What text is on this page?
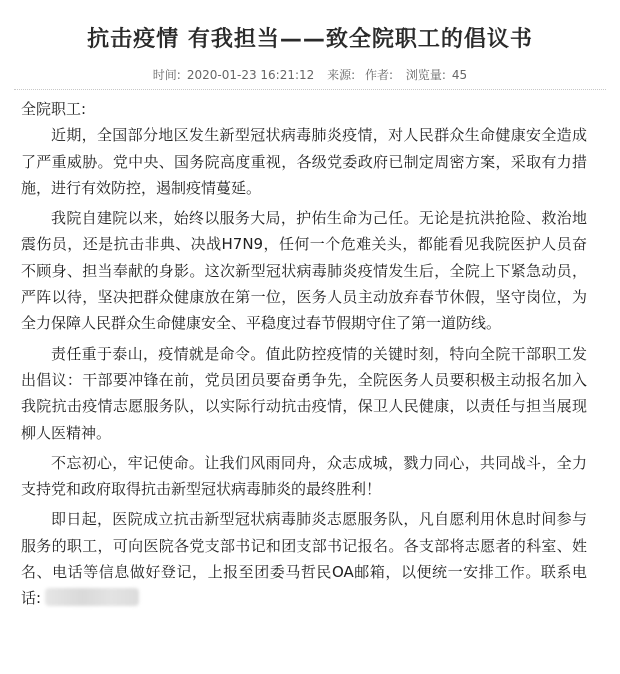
抗击疫情 有我担当——致全院职工的倡议书
时间: 2020-01-23 16:21:12 来源: 作者: 浏览量: 45

全院职工:

近期，全国部分地区发生新型冠状病毒肺炎疫情，对人民群众生命健康安全造成了严重威胁。党中央、国务院高度重视，各级党委政府已制定周密方案，采取有力措施，进行有效防控，遏制疫情蔓延。

我院自建院以来，始终以服务大局，护佑生命为己任。无论是抗洪抢险、救治地震伤员，还是抗击非典、决战H7N9，任何一个危难关头，都能看见我院医护人员奋不顾身、担当奉献的身影。这次新型冠状病毒肺炎疫情发生后，全院上下紧急动员，严阵以待，坚决把群众健康放在第一位，医务人员主动放弃春节休假，坚守岗位，为全力保障人民群众生命健康安全、平稳度过春节假期守住了第一道防线。

责任重于泰山，疫情就是命令。值此防控疫情的关键时刻，特向全院干部职工发出倡议：干部要冲锋在前，党员团员要奋勇争先，全院医务人员要积极主动报名加入我院抗击疫情志愿服务队，以实际行动抗击疫情，保卫人民健康，以责任与担当展现柳人医精神。

不忘初心，牢记使命。让我们风雨同舟，众志成城，戮力同心，共同战斗，全力支持党和政府取得抗击新型冠状病毒肺炎的最终胜利！

即日起，医院成立抗击新型冠状病毒肺炎志愿服务队，凡自愿利用休息时间参与服务的职工，可向医院各党支部书记和团支部书记报名。各支部将志愿者的科室、姓名、电话等信息做好登记，上报至团委马哲民OA邮箱，以便统一安排工作。联系电话:
